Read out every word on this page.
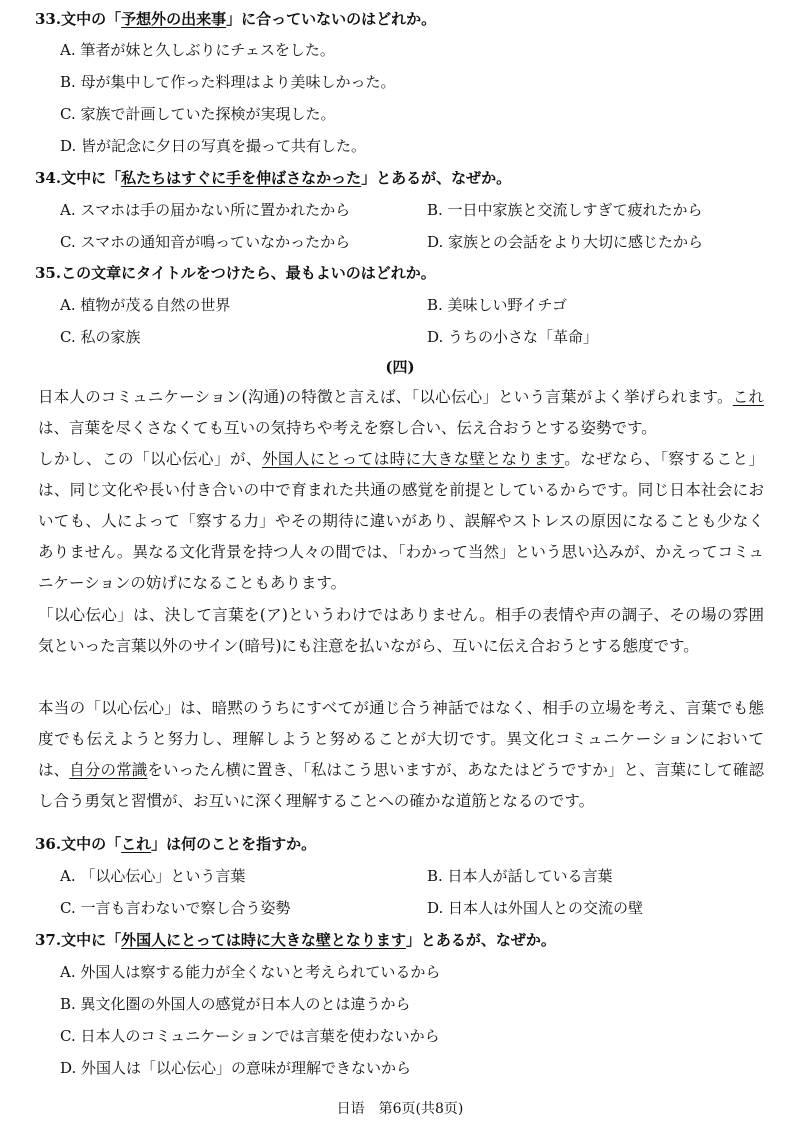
33.文中の「予想外の出来事」に合っていないのはどれか。
A. 筆者が妹と久しぶりにチェスをした。
B. 母が集中して作った料理はより美味しかった。
C. 家族で計画していた探検が実現した。
D. 皆が記念に夕日の写真を撮って共有した。
34.文中に「私たちはすぐに手を伸ばさなかった」とあるが、なぜか。
A. スマホは手の届かない所に置かれたから	B. 一日中家族と交流しすぎて疲れたから
C. スマホの通知音が鳴っていなかったから	D. 家族との会話をより大切に感じたから
35.この文章にタイトルをつけたら、最もよいのはどれか。
A. 植物が茂る自然の世界	B. 美味しい野イチゴ
C. 私の家族	D. うちの小さな「革命」
(四)

日本人のコミュニケーション(沟通)の特徴と言えば、「以心伝心」という言葉がよく挙げられます。これは、言葉を尽くさなくても互いの気持ちや考えを察し合い、伝え合おうとする姿勢です。

しかし、この「以心伝心」が、外国人にとっては時に大きな壁となります。なぜなら、「察すること」は、同じ文化や長い付き合いの中で育まれた共通の感覚を前提としているからです。同じ日本社会においても、人によって「察する力」やその期待に違いがあり、誤解やストレスの原因になることも少なくありません。異なる文化背景を持つ人々の間では、「わかって当然」という思い込みが、かえってコミュニケーションの妨げになることもあります。

「以心伝心」は、決して言葉を(ア)というわけではありません。相手の表情や声の調子、その場の雰囲気といった言葉以外のサイン(暗号)にも注意を払いながら、互いに伝え合おうとする態度です。

本当の「以心伝心」は、暗黙のうちにすべてが通じ合う神話ではなく、相手の立場を考え、言葉でも態度でも伝えようと努力し、理解しようと努めることが大切です。異文化コミュニケーションにおいては、自分の常識をいったん横に置き、「私はこう思いますが、あなたはどうですか」と、言葉にして確認し合う勇気と習慣が、お互いに深く理解することへの確かな道筋となるのです。

36.文中の「これ」は何のことを指すか。
A. 「以心伝心」という言葉	B. 日本人が話している言葉
C. 一言も言わないで察し合う姿勢	D. 日本人は外国人との交流の壁
37.文中に「外国人にとっては時に大きな壁となります」とあるが、なぜか。
A. 外国人は察する能力が全くないと考えられているから
B. 異文化圏の外国人の感覚が日本人のとは違うから
C. 日本人のコミュニケーションでは言葉を使わないから
D. 外国人は「以心伝心」の意味が理解できないから
日语　第6页(共8页)
